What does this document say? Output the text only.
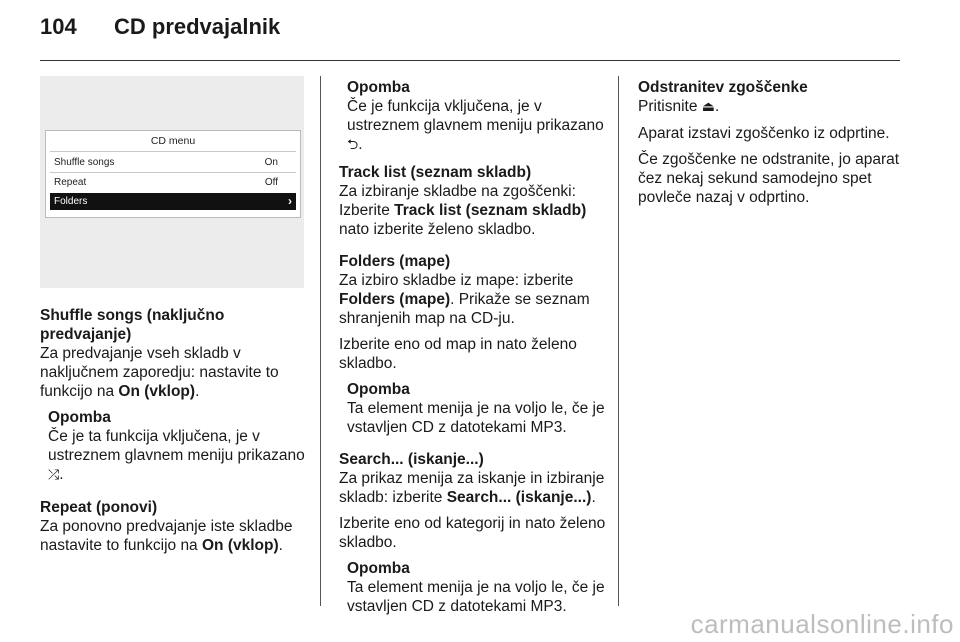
104 CD predvajalnik
CD menu
Shuffle songs	On
Repeat	Off
Folders	›
Shuffle songs (naključno predvajanje)

Za predvajanje vseh skladb v naključnem zaporedju: nastavite to funkcijo na On (vklop).

Opomba
Če je ta funkcija vključena, je v ustreznem glavnem meniju prikazano ⤮.
Repeat (ponovi)

Za ponovno predvajanje iste skladbe nastavite to funkcijo na On (vklop).

Opomba
Če je funkcija vključena, je v ustreznem glavnem meniju prikazano ⮌.
Track list (seznam skladb)

Za izbiranje skladbe na zgoščenki: Izberite Track list (seznam skladb) nato izberite želeno skladbo.

Folders (mape)

Za izbiro skladbe iz mape: izberite Folders (mape). Prikaže se seznam shranjenih map na CD-ju.

Izberite eno od map in nato želeno skladbo.

Opomba
Ta element menija je na voljo le, če je vstavljen CD z datotekami MP3.
Search... (iskanje...)

Za prikaz menija za iskanje in izbiranje skladb: izberite Search... (iskanje...).

Izberite eno od kategorij in nato želeno skladbo.

Opomba
Ta element menija je na voljo le, če je vstavljen CD z datotekami MP3.
Odstranitev zgoščenke

Pritisnite ⏏.

Aparat izstavi zgoščenko iz odprtine.

Če zgoščenke ne odstranite, jo aparat čez nekaj sekund samodejno spet povleče nazaj v odprtino.

carmanualsonline.info
